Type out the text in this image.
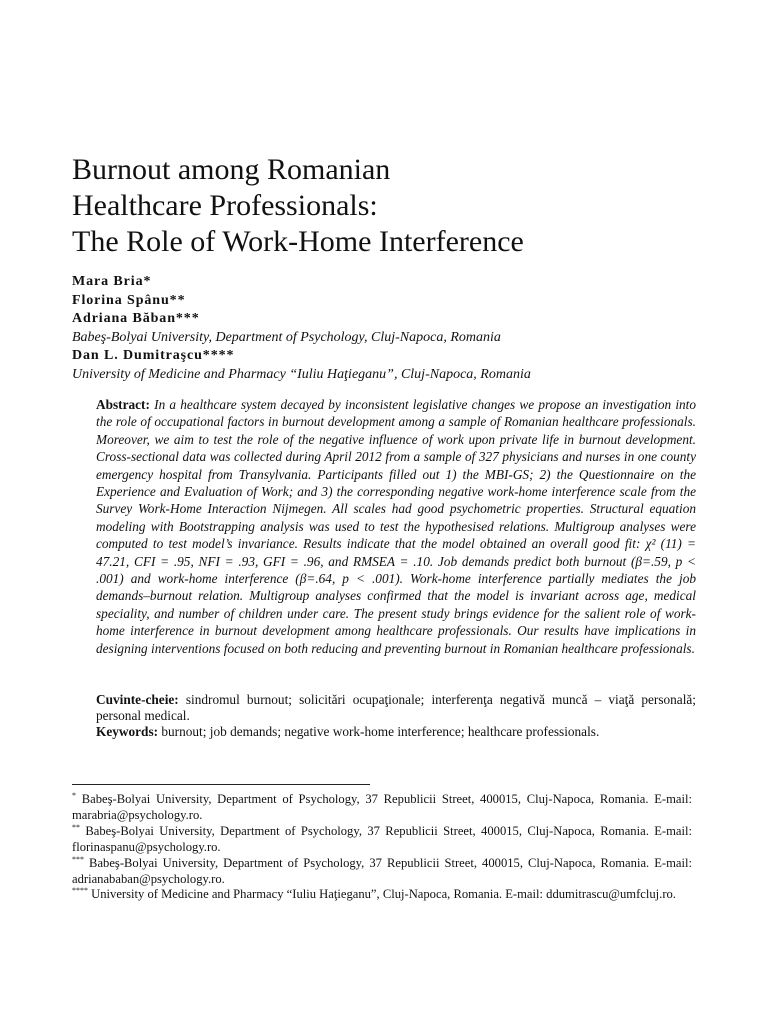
Burnout among Romanian
Healthcare Professionals:
The Role of Work-Home Interference
Mara Bria*
Florina Spânu**
Adriana Băban***
Babeş-Bolyai University, Department of Psychology, Cluj-Napoca, Romania
Dan L. Dumitraşcu****
University of Medicine and Pharmacy “Iuliu Haţieganu”, Cluj-Napoca, Romania
Abstract: In a healthcare system decayed by inconsistent legislative changes we propose an investigation into the role of occupational factors in burnout development among a sample of Romanian healthcare professionals. Moreover, we aim to test the role of the negative influence of work upon private life in burnout development. Cross-sectional data was collected during April 2012 from a sample of 327 physicians and nurses in one county emergency hospital from Transylvania. Participants filled out 1) the MBI-GS; 2) the Questionnaire on the Experience and Evaluation of Work; and 3) the corresponding negative work-home interference scale from the Survey Work-Home Interaction Nijmegen. All scales had good psychometric properties. Structural equation modeling with Bootstrapping analysis was used to test the hypothesised relations. Multigroup analyses were computed to test model’s invariance. Results indicate that the model obtained an overall good fit: χ² (11) = 47.21, CFI = .95, NFI = .93, GFI = .96, and RMSEA = .10. Job demands predict both burnout (β=.59, p < .001) and work-home interference (β=.64, p < .001). Work-home interference partially mediates the job demands–burnout relation. Multigroup analyses confirmed that the model is invariant across age, medical speciality, and number of children under care. The present study brings evidence for the salient role of work-home interference in burnout development among healthcare professionals. Our results have implications in designing interventions focused on both reducing and preventing burnout in Romanian healthcare professionals.
Cuvinte-cheie: sindromul burnout; solicitări ocupaţionale; interferenţa negativă muncă – viaţă personală; personal medical.
Keywords: burnout; job demands; negative work-home interference; healthcare professionals.
* Babeş-Bolyai University, Department of Psychology, 37 Republicii Street, 400015, Cluj-Napoca, Romania. E-mail: marabria@psychology.ro.
** Babeş-Bolyai University, Department of Psychology, 37 Republicii Street, 400015, Cluj-Napoca, Romania. E-mail: florinaspanu@psychology.ro.
*** Babeş-Bolyai University, Department of Psychology, 37 Republicii Street, 400015, Cluj-Napoca, Romania. E-mail: adrianababan@psychology.ro.
**** University of Medicine and Pharmacy “Iuliu Haţieganu”, Cluj-Napoca, Romania. E-mail: ddumitrascu@umfcluj.ro.
